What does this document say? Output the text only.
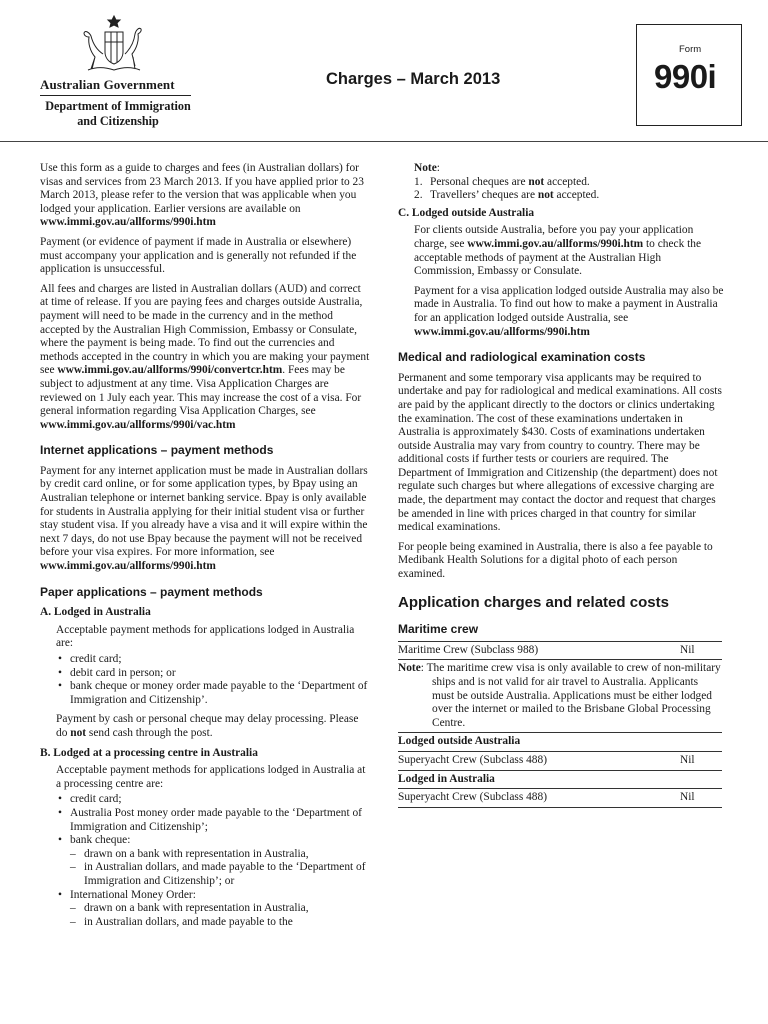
Australian Government
Department of Immigration and Citizenship
Charges – March 2013
Form
990i

Use this form as a guide to charges and fees (in Australian dollars) for visas and services from 23 March 2013. If you have applied prior to 23 March 2013, please refer to the version that was applicable when you lodged your application. Earlier versions are available on www.immi.gov.au/allforms/990i.htm

Payment (or evidence of payment if made in Australia or elsewhere) must accompany your application and is generally not refunded if the application is unsuccessful.

All fees and charges are listed in Australian dollars (AUD) and correct at time of release. If you are paying fees and charges outside Australia, payment will need to be made in the currency and in the method accepted by the Australian High Commission, Embassy or Consulate, where the payment is being made. To find out the currencies and methods accepted in the country in which you are making your payment see www.immi.gov.au/allforms/990i/convertcr.htm. Fees may be subject to adjustment at any time. Visa Application Charges are reviewed on 1 July each year. This may increase the cost of a visa. For general information regarding Visa Application Charges, see www.immi.gov.au/allforms/990i/vac.htm

Internet applications – payment methods

Payment for any internet application must be made in Australian dollars by credit card online, or for some application types, by Bpay using an Australian telephone or internet banking service. Bpay is only available for students in Australia applying for their initial student visa or further stay student visa. If you already have a visa and it will expire within the next 7 days, do not use Bpay because the payment will not be received before your visa expires. For more information, see
www.immi.gov.au/allforms/990i.htm

Paper applications – payment methods
A. Lodged in Australia

Acceptable payment methods for applications lodged in Australia are:

• credit card;
• debit card in person; or
• bank cheque or money order made payable to the ‘Department of Immigration and Citizenship’.

Payment by cash or personal cheque may delay processing. Please do not send cash through the post.

B. Lodged at a processing centre in Australia

Acceptable payment methods for applications lodged in Australia at a processing centre are:

• credit card;
• Australia Post money order made payable to the ‘Department of Immigration and Citizenship’;
• bank cheque:
– drawn on a bank with representation in Australia,
– in Australian dollars, and made payable to the ‘Department of Immigration and Citizenship’; or
• International Money Order:
– drawn on a bank with representation in Australia,
– in Australian dollars, and made payable to the
Note:
1. Personal cheques are not accepted.
2. Travellers’ cheques are not accepted.
C. Lodged outside Australia

For clients outside Australia, before you pay your application charge, see www.immi.gov.au/allforms/990i.htm to check the acceptable methods of payment at the Australian High Commission, Embassy or Consulate.

Payment for a visa application lodged outside Australia may also be made in Australia. To find out how to make a payment in Australia for an application lodged outside Australia, see
www.immi.gov.au/allforms/990i.htm

Medical and radiological examination costs

Permanent and some temporary visa applicants may be required to undertake and pay for radiological and medical examinations. All costs are paid by the applicant directly to the doctors or clinics undertaking the examination. The cost of these examinations undertaken in Australia is approximately $430. Costs of examinations undertaken outside Australia may vary from country to country. There may be additional costs if further tests or couriers are required. The Department of Immigration and Citizenship (the department) does not regulate such charges but where allegations of excessive charging are made, the department may contact the doctor and request that charges be amended in line with prices charged in that country for similar medical examinations.

For people being examined in Australia, there is also a fee payable to Medibank Health Solutions for a digital photo of each person examined.

Application charges and related costs
Maritime crew
Maritime Crew (Subclass 988)	Nil

Note: The maritime crew visa is only available to crew of non-military ships and is not valid for air travel to Australia. Applicants must be outside Australia. Applications must be either lodged over the internet or mailed to the Brisbane Global Processing Centre.	

Lodged outside Australia	
Superyacht Crew (Subclass 488)	Nil
Lodged in Australia	
Superyacht Crew (Subclass 488)	Nil
